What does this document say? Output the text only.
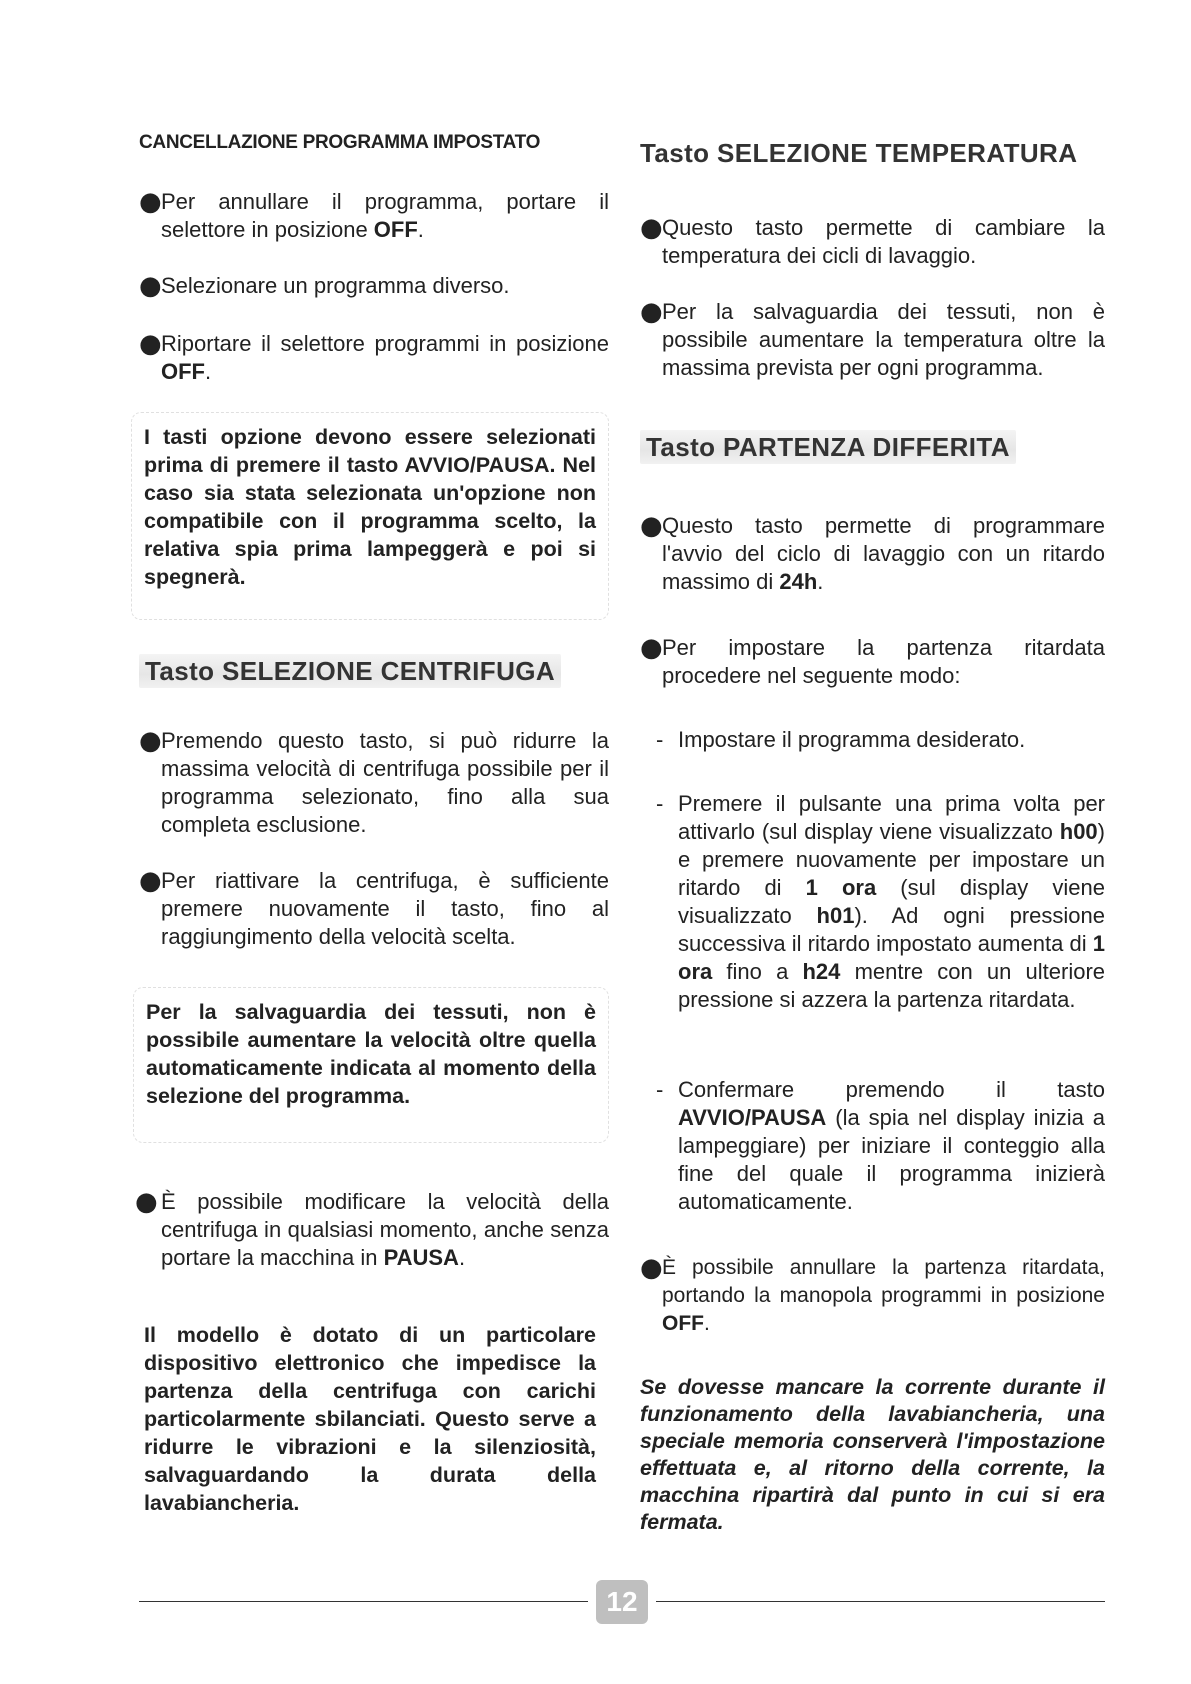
CANCELLAZIONE PROGRAMMA IMPOSTATO
● Per annullare il programma, portare il selettore in posizione OFF.
● Selezionare un programma diverso.
● Riportare il selettore programmi in posizione OFF.
I tasti opzione devono essere selezionati prima di premere il tasto AVVIO/PAUSA. Nel caso sia stata selezionata un'opzione non compatibile con il programma scelto, la relativa spia prima lampeggerà e poi si spegnerà.
Tasto SELEZIONE CENTRIFUGA
● Premendo questo tasto, si può ridurre la massima velocità di centrifuga possibile per il programma selezionato, fino alla sua completa esclusione.
● Per riattivare la centrifuga, è sufficiente premere nuovamente il tasto, fino al raggiungimento della velocità scelta.
Per la salvaguardia dei tessuti, non è possibile aumentare la velocità oltre quella automaticamente indicata al momento della selezione del programma.
● È possibile modificare la velocità della centrifuga in qualsiasi momento, anche senza portare la macchina in PAUSA.
Il modello è dotato di un particolare dispositivo elettronico che impedisce la partenza della centrifuga con carichi particolarmente sbilanciati. Questo serve a ridurre le vibrazioni e la silenziosità, salvaguardando la durata della lavabiancheria.
Tasto SELEZIONE TEMPERATURA
● Questo tasto permette di cambiare la temperatura dei cicli di lavaggio.
● Per la salvaguardia dei tessuti, non è possibile aumentare la temperatura oltre la massima prevista per ogni programma.
Tasto PARTENZA DIFFERITA
● Questo tasto permette di programmare l'avvio del ciclo di lavaggio con un ritardo massimo di 24h.
● Per impostare la partenza ritardata procedere nel seguente modo:
- Impostare il programma desiderato.
- Premere il pulsante una prima volta per attivarlo (sul display viene visualizzato h00) e premere nuovamente per impostare un ritardo di 1 ora (sul display viene visualizzato h01). Ad ogni pressione successiva il ritardo impostato aumenta di 1 ora fino a h24 mentre con un ulteriore pressione si azzera la partenza ritardata.
- Confermare premendo il tasto AVVIO/PAUSA (la spia nel display inizia a lampeggiare) per iniziare il conteggio alla fine del quale il programma inizierà automaticamente.
● È possibile annullare la partenza ritardata, portando la manopola programmi in posizione OFF.
Se dovesse mancare la corrente durante il funzionamento della lavabiancheria, una speciale memoria conserverà l'impostazione effettuata e, al ritorno della corrente, la macchina ripartirà dal punto in cui si era fermata.
12
